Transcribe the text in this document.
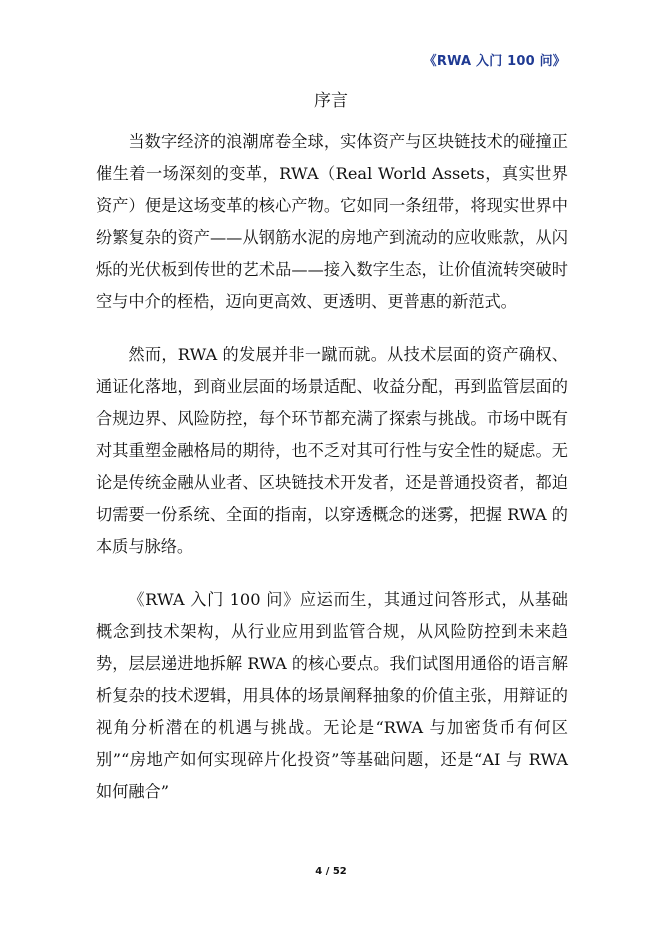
《RWA 入门 100 问》
序言

当数字经济的浪潮席卷全球，实体资产与区块链技术的碰撞正催生着一场深刻的变革，RWA（Real World Assets，真实世界资产）便是这场变革的核心产物。它如同一条纽带，将现实世界中纷繁复杂的资产——从钢筋水泥的房地产到流动的应收账款，从闪烁的光伏板到传世的艺术品——接入数字生态，让价值流转突破时空与中介的桎梏，迈向更高效、更透明、更普惠的新范式。

然而，RWA 的发展并非一蹴而就。从技术层面的资产确权、通证化落地，到商业层面的场景适配、收益分配，再到监管层面的合规边界、风险防控，每个环节都充满了探索与挑战。市场中既有对其重塑金融格局的期待，也不乏对其可行性与安全性的疑虑。无论是传统金融从业者、区块链技术开发者，还是普通投资者，都迫切需要一份系统、全面的指南，以穿透概念的迷雾，把握 RWA 的本质与脉络。

《RWA 入门 100 问》应运而生，其通过问答形式，从基础概念到技术架构，从行业应用到监管合规，从风险防控到未来趋势，层层递进地拆解 RWA 的核心要点。我们试图用通俗的语言解析复杂的技术逻辑，用具体的场景阐释抽象的价值主张，用辩证的视角分析潜在的机遇与挑战。无论是“RWA 与加密货币有何区别”“房地产如何实现碎片化投资”等基础问题，还是“AI 与 RWA 如何融合”

4 / 52
